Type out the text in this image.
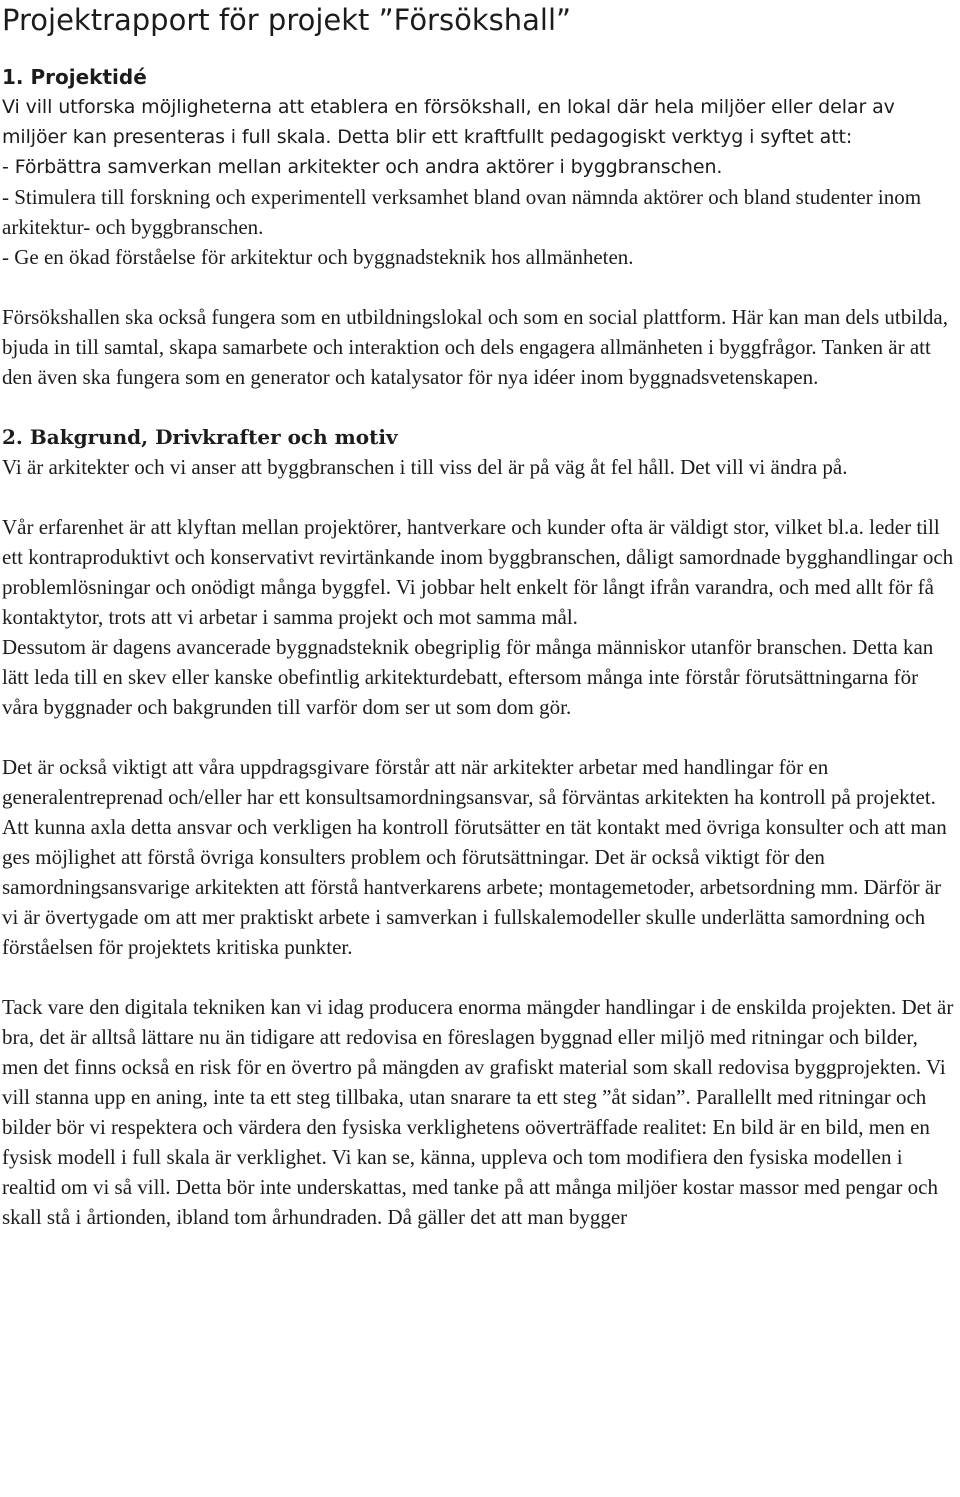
Projektrapport för projekt ”Försökshall”
1. Projektidé

Vi vill utforska möjligheterna att etablera en försökshall, en lokal där hela miljöer eller delar av miljöer kan presenteras i full skala. Detta blir ett kraftfullt pedagogiskt verktyg i syftet att:

- Förbättra samverkan mellan arkitekter och andra aktörer i byggbranschen.
- Stimulera till forskning och experimentell verksamhet bland ovan nämnda aktörer och bland studenter inom arkitektur- och byggbranschen.
- Ge en ökad förståelse för arkitektur och byggnadsteknik hos allmänheten.

Försökshallen ska också fungera som en utbildningslokal och som en social plattform. Här kan man dels utbilda, bjuda in till samtal, skapa samarbete och interaktion och dels engagera allmänheten i byggfrågor. Tanken är att den även ska fungera som en generator och katalysator för nya idéer inom byggnadsvetenskapen.

2. Bakgrund, Drivkrafter och motiv

Vi är arkitekter och vi anser att byggbranschen i till viss del är på väg åt fel håll. Det vill vi ändra på.

Vår erfarenhet är att klyftan mellan projektörer, hantverkare och kunder ofta är väldigt stor, vilket bl.a. leder till ett kontraproduktivt och konservativt revirtänkande inom byggbranschen, dåligt samordnade bygghandlingar och problemlösningar och onödigt många byggfel. Vi jobbar helt enkelt för långt ifrån varandra, och med allt för få kontaktytor, trots att vi arbetar i samma projekt och mot samma mål.

Dessutom är dagens avancerade byggnadsteknik obegriplig för många människor utanför branschen. Detta kan lätt leda till en skev eller kanske obefintlig arkitekturdebatt, eftersom många inte förstår förutsättningarna för våra byggnader och bakgrunden till varför dom ser ut som dom gör.

Det är också viktigt att våra uppdragsgivare förstår att när arkitekter arbetar med handlingar för en generalentreprenad och/eller har ett konsultsamordningsansvar, så förväntas arkitekten ha kontroll på projektet. Att kunna axla detta ansvar och verkligen ha kontroll förutsätter en tät kontakt med övriga konsulter och att man ges möjlighet att förstå övriga konsulters problem och förutsättningar. Det är också viktigt för den samordningsansvarige arkitekten att förstå hantverkarens arbete; montagemetoder, arbetsordning mm. Därför är vi är övertygade om att mer praktiskt arbete i samverkan i fullskalemodeller skulle underlätta samordning och förståelsen för projektets kritiska punkter.

Tack vare den digitala tekniken kan vi idag producera enorma mängder handlingar i de enskilda projekten. Det är bra, det är alltså lättare nu än tidigare att redovisa en föreslagen byggnad eller miljö med ritningar och bilder, men det finns också en risk för en övertro på mängden av grafiskt material som skall redovisa byggprojekten. Vi vill stanna upp en aning, inte ta ett steg tillbaka, utan snarare ta ett steg ”åt sidan”. Parallellt med ritningar och bilder bör vi respektera och värdera den fysiska verklighetens oöverträffade realitet: En bild är en bild, men en fysisk modell i full skala är verklighet. Vi kan se, känna, uppleva och tom modifiera den fysiska modellen i realtid om vi så vill. Detta bör inte underskattas, med tanke på att många miljöer kostar massor med pengar och skall stå i årtionden, ibland tom århundraden. Då gäller det att man bygger
